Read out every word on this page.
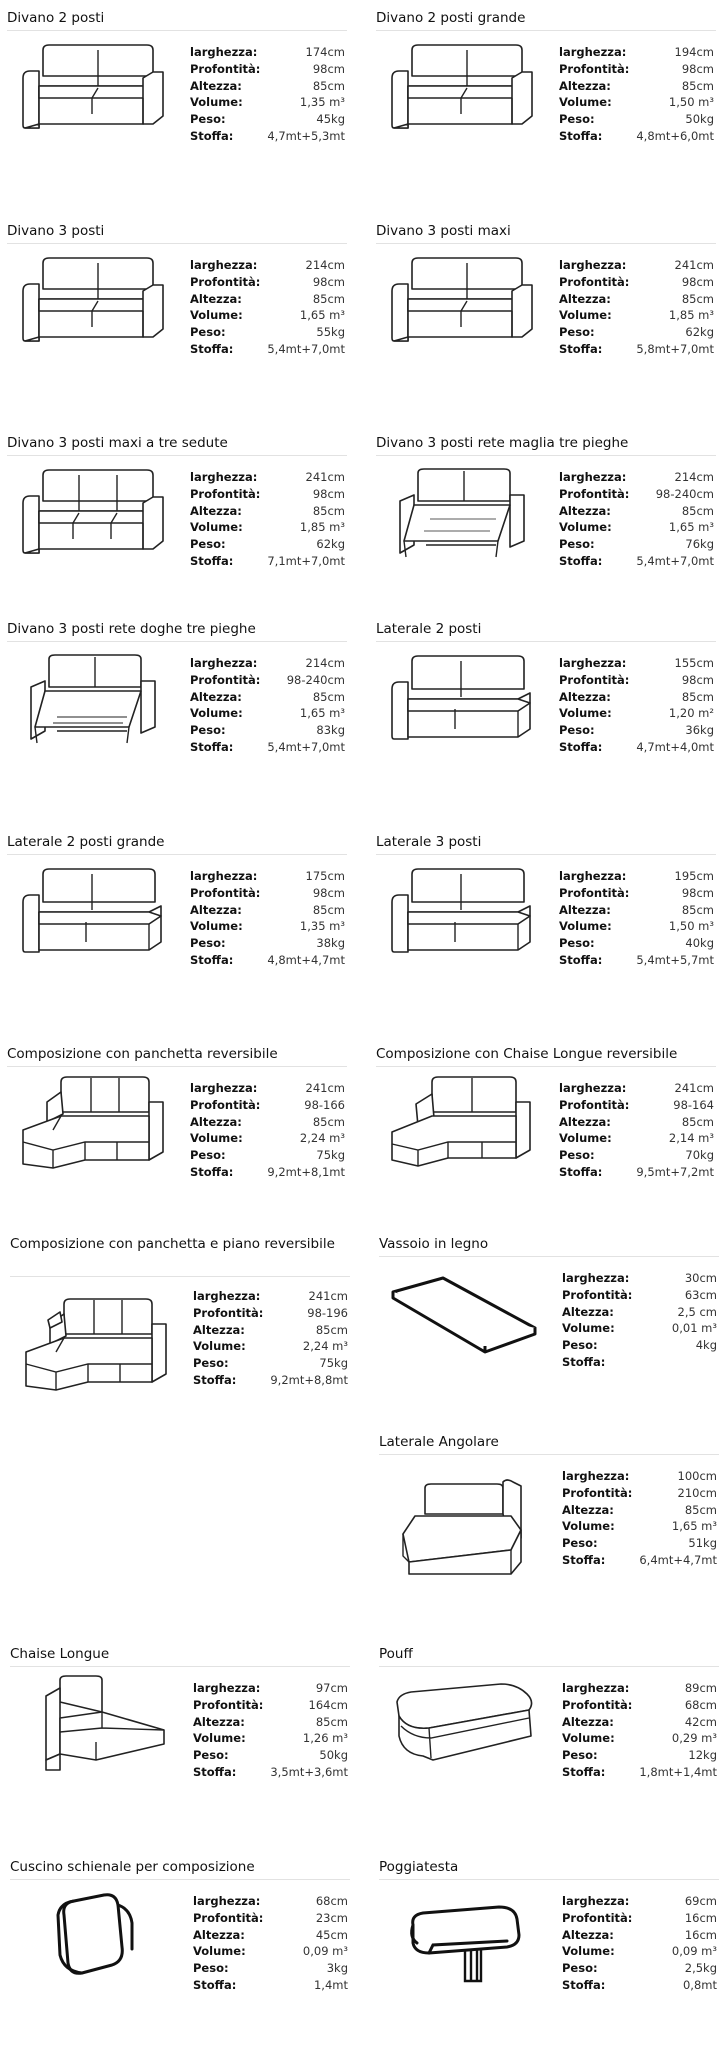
Divano 2 posti
larghezza:	174cm
Profontità:	98cm
Altezza:	85cm
Volume:	1,35 m³
Peso:	45kg
Stoffa:	4,7mt+5,3mt
Divano 2 posti grande
larghezza:	194cm
Profontità:	98cm
Altezza:	85cm
Volume:	1,50 m³
Peso:	50kg
Stoffa:	4,8mt+6,0mt
Divano 3 posti
larghezza:	214cm
Profontità:	98cm
Altezza:	85cm
Volume:	1,65 m³
Peso:	55kg
Stoffa:	5,4mt+7,0mt
Divano 3 posti maxi
larghezza:	241cm
Profontità:	98cm
Altezza:	85cm
Volume:	1,85 m³
Peso:	62kg
Stoffa:	5,8mt+7,0mt
Divano 3 posti maxi a tre sedute
larghezza:	241cm
Profontità:	98cm
Altezza:	85cm
Volume:	1,85 m³
Peso:	62kg
Stoffa:	7,1mt+7,0mt
Divano 3 posti rete maglia tre pieghe
larghezza:	214cm
Profontità: 98-240cm
Altezza:	85cm
Volume:	1,65 m³
Peso:	76kg
Stoffa:	5,4mt+7,0mt
Divano 3 posti rete doghe tre pieghe
larghezza:	214cm
Profontità: 98-240cm
Altezza:	85cm
Volume:	1,65 m³
Peso:	83kg
Stoffa:	5,4mt+7,0mt
Laterale 2 posti
larghezza:	155cm
Profontità:	98cm
Altezza:	85cm
Volume:	1,20 m²
Peso:	36kg
Stoffa:	4,7mt+4,0mt
Laterale 2 posti grande
larghezza:	175cm
Profontità:	98cm
Altezza:	85cm
Volume:	1,35 m³
Peso:	38kg
Stoffa:	4,8mt+4,7mt
Laterale 3 posti
larghezza:	195cm
Profontità:	98cm
Altezza:	85cm
Volume:	1,50 m³
Peso:	40kg
Stoffa:	5,4mt+5,7mt
Composizione con panchetta reversibile
larghezza:	241cm
Profontità:	98-166
Altezza:	85cm
Volume:	2,24 m³
Peso:	75kg
Stoffa:	9,2mt+8,1mt
Composizione con Chaise Longue reversibile
larghezza:	241cm
Profontità:	98-164
Altezza:	85cm
Volume:	2,14 m³
Peso:	70kg
Stoffa:	9,5mt+7,2mt
Composizione con panchetta e piano reversibile
larghezza:	241cm
Profontità:	98-196
Altezza:	85cm
Volume:	2,24 m³
Peso:	75kg
Stoffa:	9,2mt+8,8mt
Vassoio in legno
larghezza:	30cm
Profontità:	63cm
Altezza:	2,5 cm
Volume:	0,01 m³
Peso:	4kg
Stoffa:
Laterale Angolare
larghezza:	100cm
Profontità:	210cm
Altezza:	85cm
Volume:	1,65 m³
Peso:	51kg
Stoffa:	6,4mt+4,7mt
Chaise Longue
larghezza:	97cm
Profontità:	164cm
Altezza:	85cm
Volume:	1,26 m³
Peso:	50kg
Stoffa:	3,5mt+3,6mt
Pouff
larghezza:	89cm
Profontità:	68cm
Altezza:	42cm
Volume:	0,29 m³
Peso:	12kg
Stoffa:	1,8mt+1,4mt
Cuscino schienale per composizione
larghezza:	68cm
Profontità:	23cm
Altezza:	45cm
Volume:	0,09 m³
Peso:	3kg
Stoffa:	1,4mt
Poggiatesta
larghezza:	69cm
Profontità:	16cm
Altezza:	16cm
Volume:	0,09 m³
Peso:	2,5kg
Stoffa:	0,8mt
